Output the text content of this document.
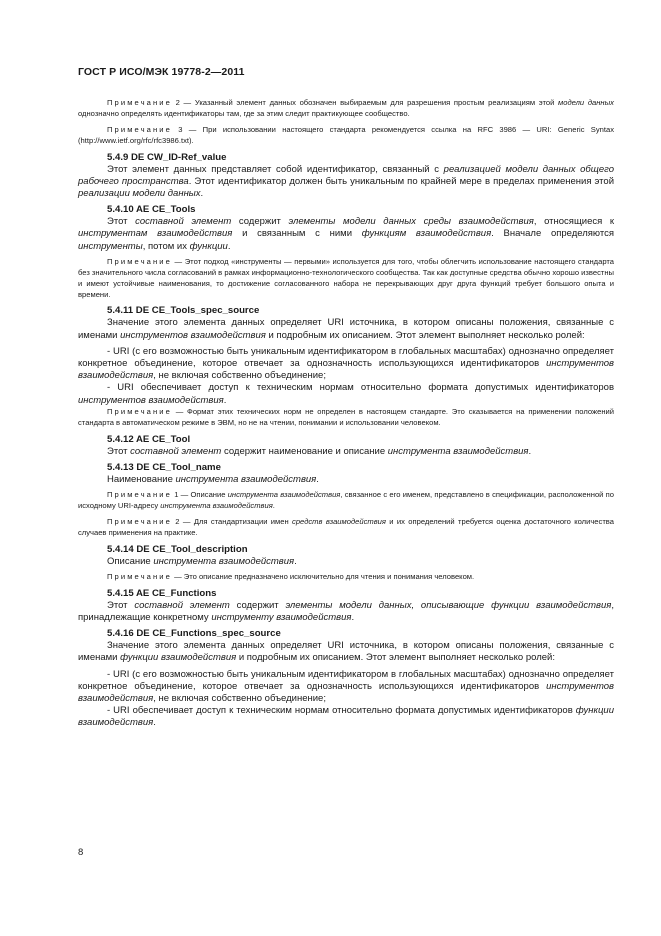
ГОСТ Р ИСО/МЭК 19778-2—2011

Примечание 2 — Указанный элемент данных обозначен выбираемым для разрешения простым реализациям этой модели данных однозначно определять идентификаторы там, где за этим следит практикующее сообщество.

Примечание 3 — При использовании настоящего стандарта рекомендуется ссылка на RFC 3986 — URI: Generic Syntax (http://www.ietf.org/rfc/rfc3986.txt).

5.4.9 DE CW_ID-Ref_value

Этот элемент данных представляет собой идентификатор, связанный с реализацией модели данных общего рабочего пространства. Этот идентификатор должен быть уникальным по крайней мере в пределах применения этой реализации модели данных.

5.4.10 AE CE_Tools

Этот составной элемент содержит элементы модели данных среды взаимодействия, относящиеся к инструментам взаимодействия и связанным с ними функциям взаимодействия. Вначале определяются инструменты, потом их функции.

Примечание — Этот подход «инструменты — первыми» используется для того, чтобы облегчить использование настоящего стандарта без значительного числа согласований в рамках информационно-технологического сообщества. Так как доступные средства обычно хорошо известны и имеют устойчивые наименования, то достижение согласованного набора не перекрывающих друг друга функций требует большого опыта и времени.

5.4.11 DE CE_Tools_spec_source

Значение этого элемента данных определяет URI источника, в котором описаны положения, связанные с именами инструментов взаимодействия и подробным их описанием. Этот элемент выполняет несколько ролей:

- URI (с его возможностью быть уникальным идентификатором в глобальных масштабах) однозначно определяет конкретное объединение, которое отвечает за однозначность использующихся идентификаторов инструментов взаимодействия, не включая собственно объединение;

- URI обеспечивает доступ к техническим нормам относительно формата допустимых идентификаторов инструментов взаимодействия.

Примечание — Формат этих технических норм не определен в настоящем стандарте. Это сказывается на применении положений стандарта в автоматическом режиме в ЭВМ, но не на чтении, понимании и использовании человеком.

5.4.12 AE CE_Tool

Этот составной элемент содержит наименование и описание инструмента взаимодействия.

5.4.13 DE CE_Tool_name

Наименование инструмента взаимодействия.

Примечание 1 — Описание инструмента взаимодействия, связанное с его именем, представлено в спецификации, расположенной по исходному URI-адресу инструмента взаимодействия.

Примечание 2 — Для стандартизации имен средств взаимодействия и их определений требуется оценка достаточного количества случаев применения на практике.

5.4.14 DE CE_Tool_description

Описание инструмента взаимодействия.

Примечание — Это описание предназначено исключительно для чтения и понимания человеком.

5.4.15 AE CE_Functions

Этот составной элемент содержит элементы модели данных, описывающие функции взаимодействия, принадлежащие конкретному инструменту взаимодействия.

5.4.16 DE CE_Functions_spec_source

Значение этого элемента данных определяет URI источника, в котором описаны положения, связанные с именами функции взаимодействия и подробным их описанием. Этот элемент выполняет несколько ролей:

- URI (с его возможностью быть уникальным идентификатором в глобальных масштабах) однозначно определяет конкретное объединение, которое отвечает за однозначность использующихся идентификаторов инструментов взаимодействия, не включая собственно объединение;

- URI обеспечивает доступ к техническим нормам относительно формата допустимых идентификаторов функции взаимодействия.

8
